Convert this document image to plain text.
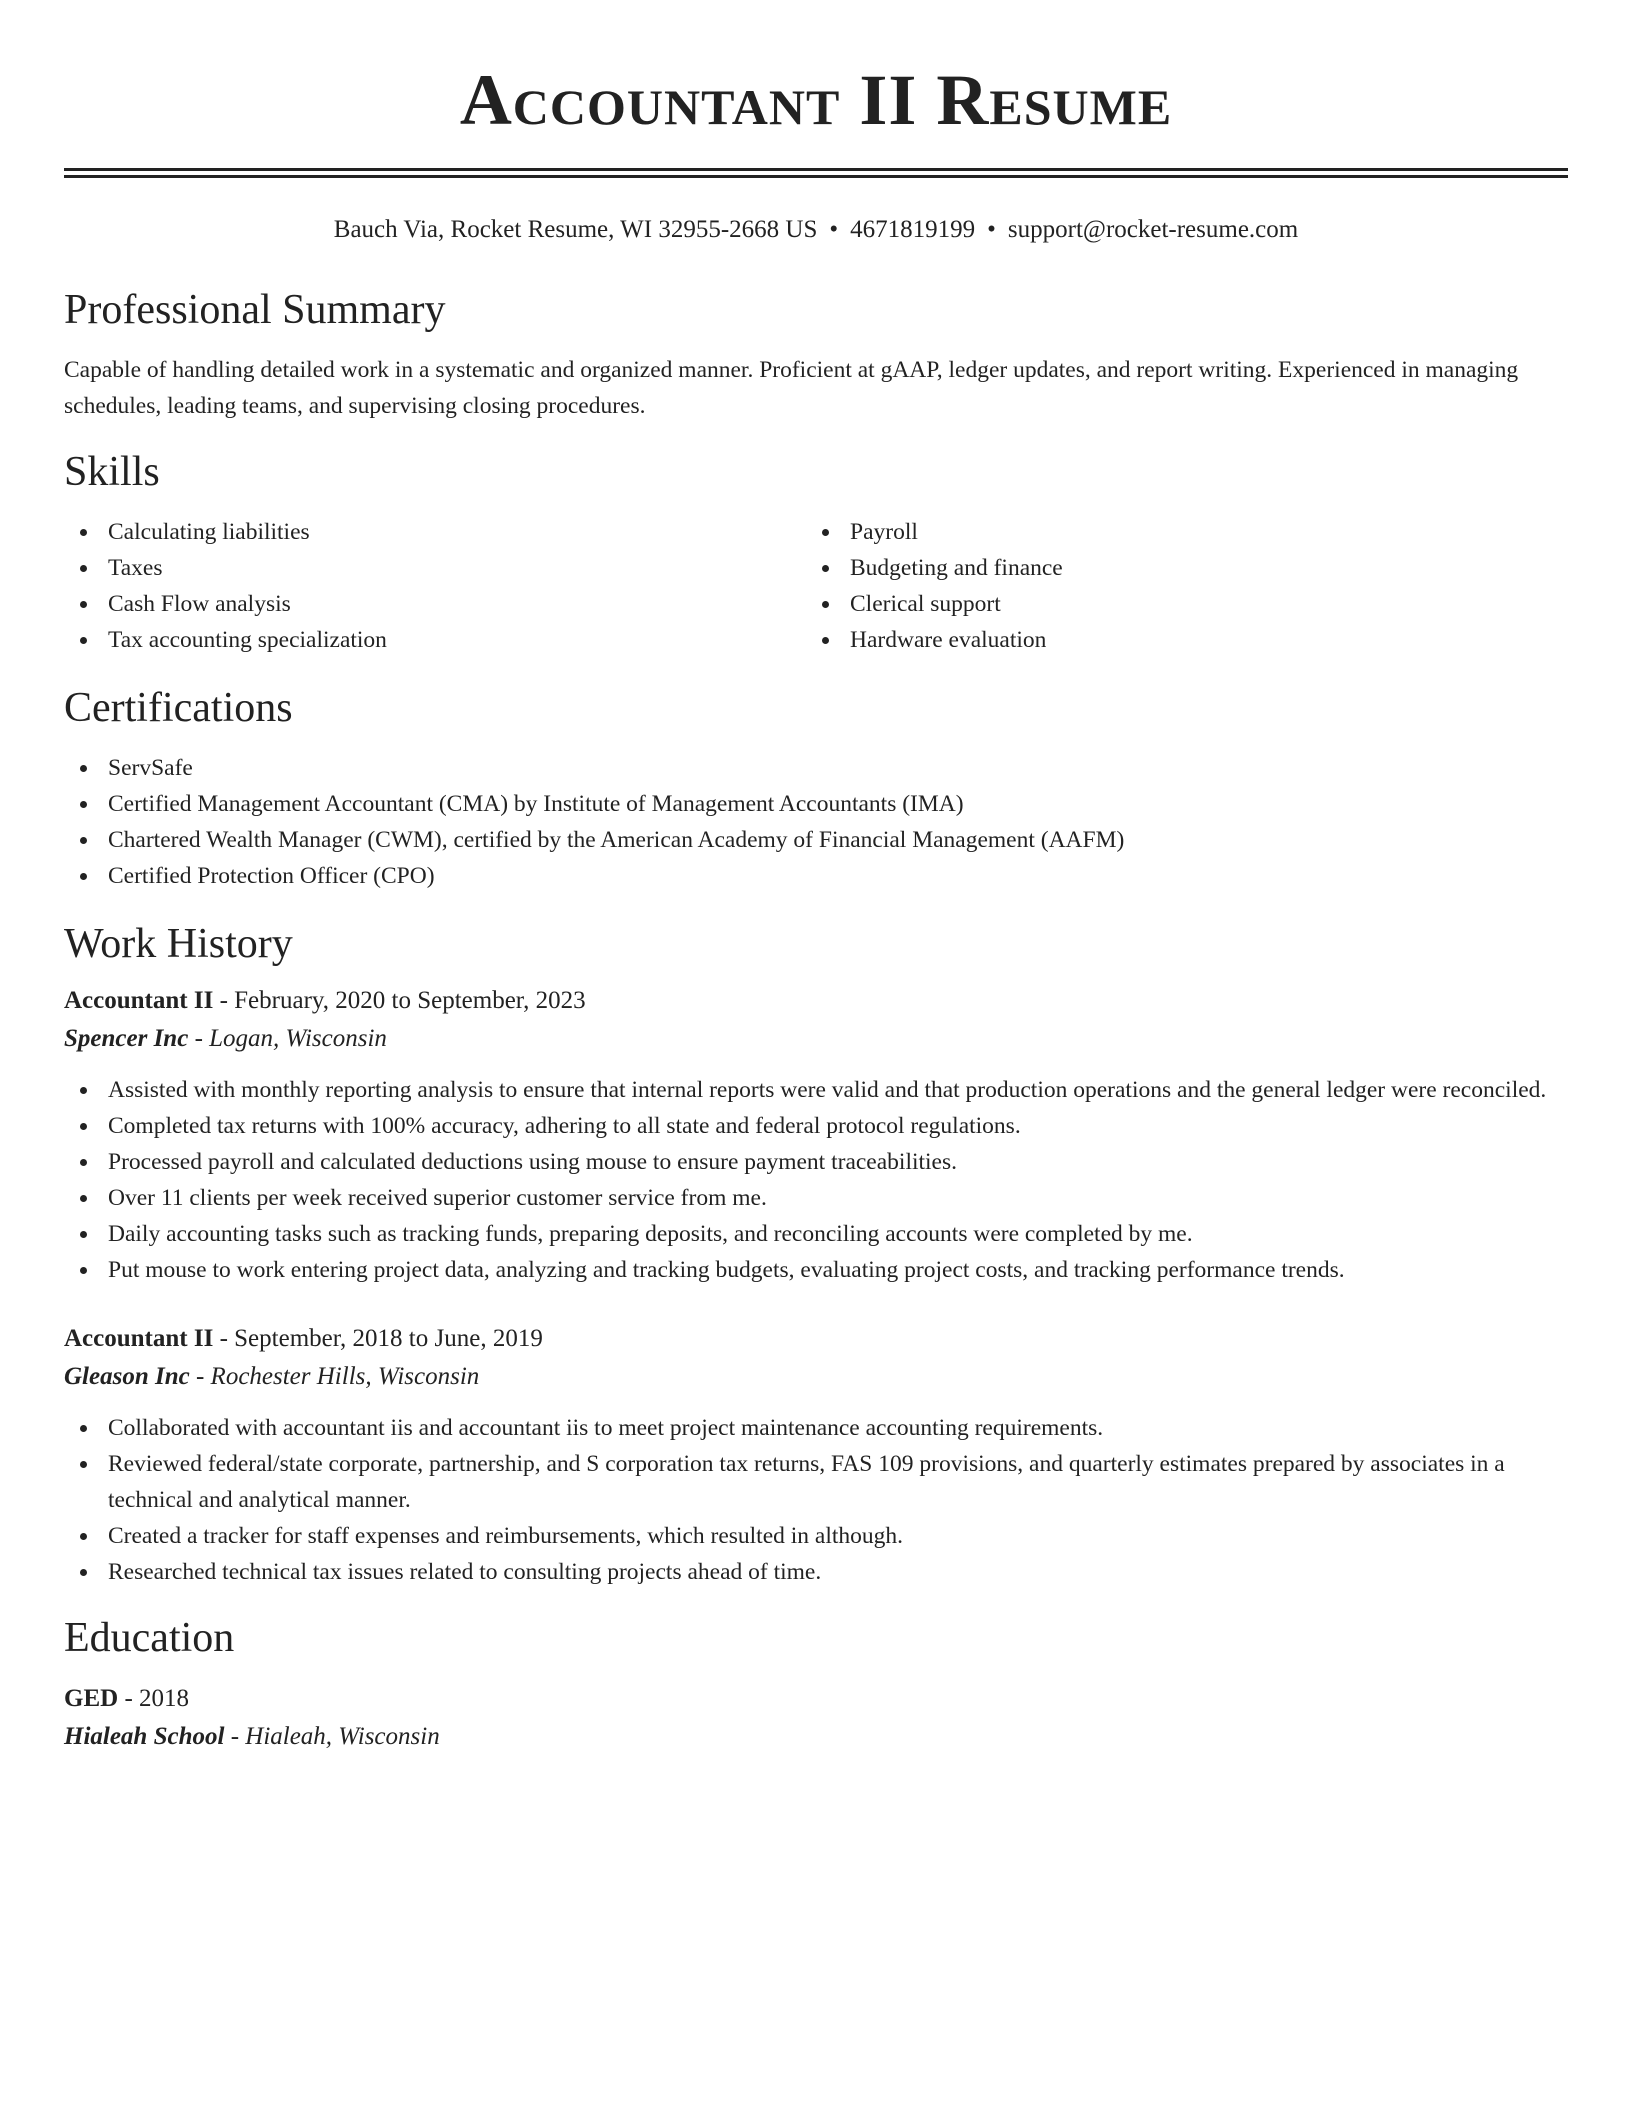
Accountant II Resume
Bauch Via, Rocket Resume, WI 32955-2668 US • 4671819199 • support@rocket-resume.com
Professional Summary

Capable of handling detailed work in a systematic and organized manner. Proficient at gAAP, ledger updates, and report writing. Experienced in managing schedules, leading teams, and supervising closing procedures.

Skills
Calculating liabilities
Taxes
Cash Flow analysis
Tax accounting specialization
Payroll
Budgeting and finance
Clerical support
Hardware evaluation
Certifications
ServSafe
Certified Management Accountant (CMA) by Institute of Management Accountants (IMA)
Chartered Wealth Manager (CWM), certified by the American Academy of Financial Management (AAFM)
Certified Protection Officer (CPO)
Work History
Accountant II - February, 2020 to September, 2023
Spencer Inc - Logan, Wisconsin
Assisted with monthly reporting analysis to ensure that internal reports were valid and that production operations and the general ledger were reconciled.
Completed tax returns with 100% accuracy, adhering to all state and federal protocol regulations.
Processed payroll and calculated deductions using mouse to ensure payment traceabilities.
Over 11 clients per week received superior customer service from me.
Daily accounting tasks such as tracking funds, preparing deposits, and reconciling accounts were completed by me.
Put mouse to work entering project data, analyzing and tracking budgets, evaluating project costs, and tracking performance trends.
Accountant II - September, 2018 to June, 2019
Gleason Inc - Rochester Hills, Wisconsin
Collaborated with accountant iis and accountant iis to meet project maintenance accounting requirements.
Reviewed federal/state corporate, partnership, and S corporation tax returns, FAS 109 provisions, and quarterly estimates prepared by associates in a technical and analytical manner.
Created a tracker for staff expenses and reimbursements, which resulted in although.
Researched technical tax issues related to consulting projects ahead of time.
Education
GED - 2018
Hialeah School - Hialeah, Wisconsin
